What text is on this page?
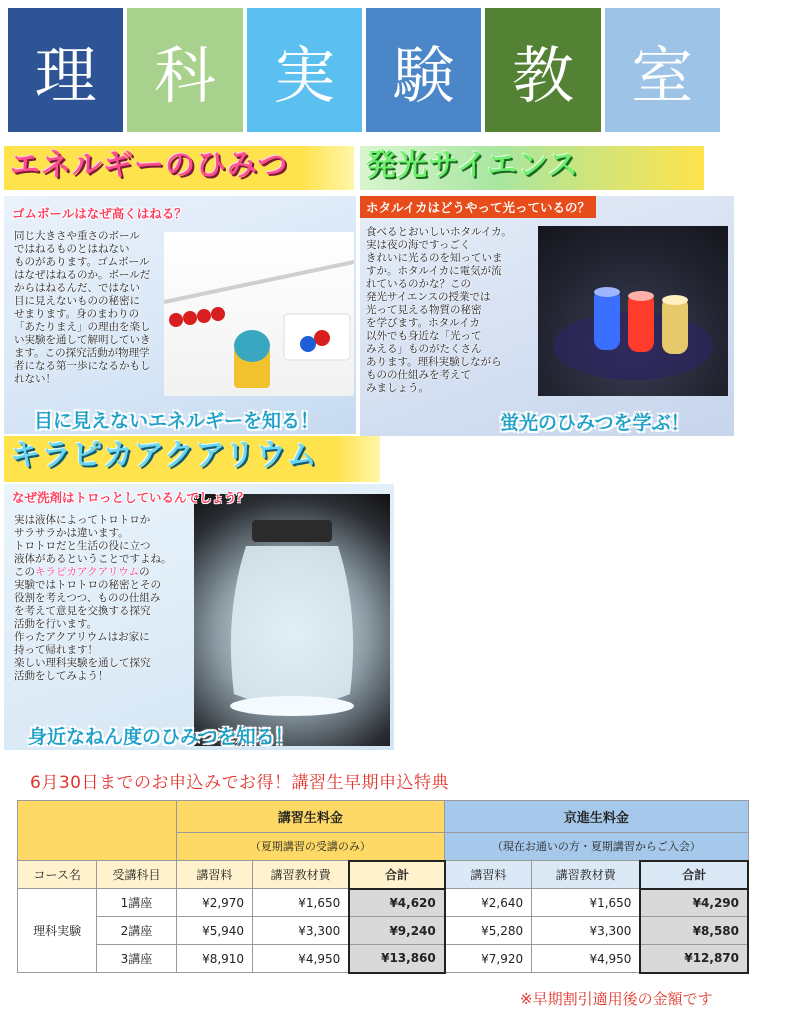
理 科 実 験 教 室
エネルギーのひみつ
ゴムボールはなぜ高くはねる？
同じ大きさや重さのボール
ではねるものとはねない
ものがあります。ゴムボール
はなぜはねるのか。ボールだ
からはねるんだ、ではない
目に見えないものの秘密に
せまります。身のまわりの
「あたりまえ」の理由を楽し
い実験を通して解明していき
ます。この探究活動が物理学
者になる第一歩になるかもし
れない！
目に見えないエネルギーを知る！
発光サイエンス
ホタルイカはどうやって光っているの？
食べるとおいしいホタルイカ。
実は夜の海ですっごく
きれいに光るのを知っていま
すか。ホタルイカに電気が流
れているのかな？この
発光サイエンスの授業では
光って見える物質の秘密
を学びます。ホタルイカ
以外でも身近な「光って
みえる」ものがたくさん
あります。理科実験しながら
ものの仕組みを考えて
みましょう。
蛍光のひみつを学ぶ！
キラピカアクアリウム
なぜ洗剤はトロっとしているんでしょう？
実は液体によってトロトロか
サラサラかは違います。
トロトロだと生活の役に立つ
液体があるということですよね。
このキラピカアクアリウムの
実験ではトロトロの秘密とその
役割を考えつつ、ものの仕組み
を考えて意見を交換する探究
活動を行います。
作ったアクアリウムはお家に
持って帰れます！
楽しい理科実験を通して探究
活動をしてみよう！
身近なねん度のひみつを知る！
6月30日までのお申込みでお得！講習生早期申込特典
		講習生料金			京進生料金		
		（夏期講習の受講のみ）			（現在お通いの方・夏期講習からご入会）		
コース名	受講科目	講習料	講習教材費	合計	講習料	講習教材費	合計
理科実験	1講座	¥2,970	¥1,650	¥4,620	¥2,640	¥1,650	¥4,290
	2講座	¥5,940	¥3,300	¥9,240	¥5,280	¥3,300	¥8,580
	3講座	¥8,910	¥4,950	¥13,860	¥7,920	¥4,950	¥12,870
※早期割引適用後の金額です
